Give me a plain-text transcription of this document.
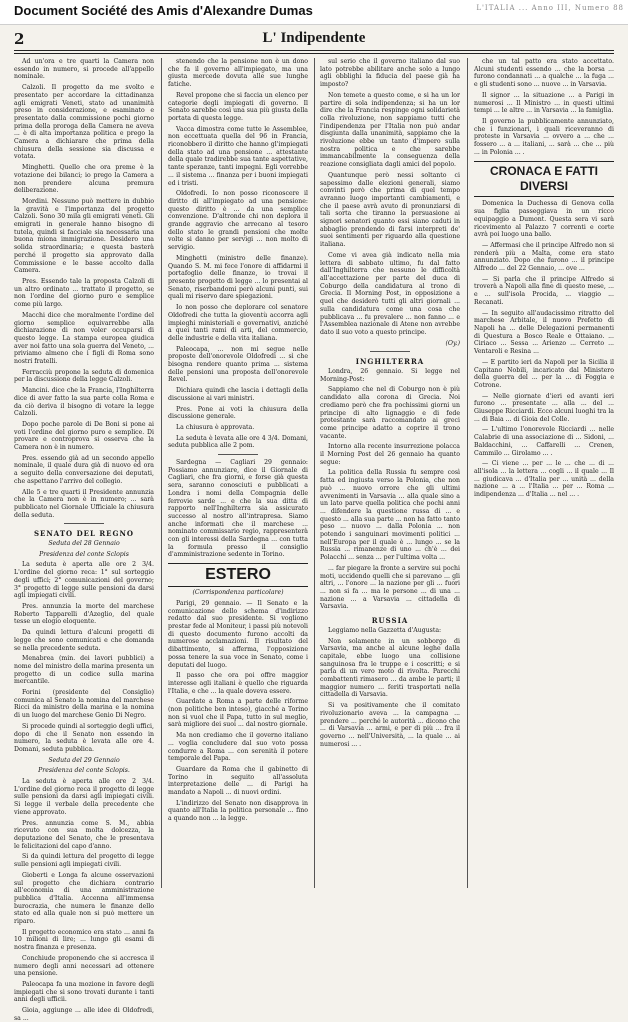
Document Société des Amis d'Alexandre Dumas	L'ITALIA ... Anno III, Numero 88
2	L' Indipendente

Ad un'ora e tre quarti la Camera non essendo in numero, si procede all'appello nominale.

Calzoli. Il progetto da me svolto e presentato per accordare la cittadinanza agli emigrati Veneti, stato ad unanimità preso in considerazione, e esaminato e presentato dalla commissione pochi giorno prima della proroga della Camera ne aveva ... è di alta importanza politica e prego la Camera a dichiarare che prima della chiusura della sessione sia discussa e votata.

Minghetti. Quello che ora preme è la votazione dei bilanci; io prego la Camera a non prendere alcuna premura deliberazione.

Mordini. Nessuno può mettere in dubbio la gravità e l'importanza del progetto Calzoli. Sono 30 mila gli emigrati veneti. Gli emigrati in generale hanno bisogno di tutela, quindi si facciale sia necessaria una buona miona immigrazione. Desidero una solida straordinaria; e questa basterà perché il progetto sia approvato dalla Commissione e le basse accolto dalla Camera.

Pres. Essendo tale la proposta Calzoli di un altro ordinato ... trattato il progetto, se non l'ordine del giorno puro e semplice come più largo.

Macchi dice che moralmente l'ordine del giorno semplice equivarrebbe alla dichiarazione di non voler occuparsi di questo legge. La stampa europea giudica aver noi fatto una sola guerra del Veneto, ... priviamo almeno che i figli di Roma sono nostri fratelli.

Ferracciù propone la seduta di domenica per la discussione della legge Calzoli.

Mancini. dice che la Francia, l'Inghilterra dice di aver fatto la sua parte colla Roma e da ciò deriva il bisogno di votare la legge Calzoli.

Dopo poche parole di De Boni si pone ai voti l'ordine del giorno puro e semplice. Di provare e controprova si osserva che la Camera non è in numero.

Pres. essendo già ad un secondo appello nominale, il quale dura già di nuovo ed ora a seguito della conversazione dei deputati, che aspettano l'arrivo del collegio.

Alle 5 e tre quarti il Presidente annunzia che la Camera non è in numero; ... sarà pubblicato nel Giornale Ufficiale la chiusura della seduta.

SENATO DEL REGNO
Seduta del 28 Gennaio
Presidenza del conte Sclopis

La seduta è aperta alle ore 2 3/4. L'ordine del giorno reca: 1° sul sorteggio degli uffici; 2° comunicazioni del governo; 3° progetto di legge sulle pensioni da darsi agli impiegati civili.

Pres. annunzia la morte del marchese Roberto Tapparelli d'Azeglio, del quale tesse un elogio eloquente.

Da quindi lettura d'alcuni progetti di legge che sono comunicati e che domanda se nella precedente seduta.

Menabrea (min. dei lavori pubblici) a nome del ministro della marina presenta un progetto di un codice sulla marina mercantile.

Forini (presidente del Consiglio) comunica al Senato la nomina del marchese Ricci da ministro della marina e la nomina di un luogo del marchese Genio Di Negro.

Si procede quindi al sorteggio degli uffici, dopo di che il Senato non essendo in numero, la seduta è levata alle ore 4. Domani, seduta pubblica.

Seduta del 29 Gennaio
Presidenza del conte Sclopis.

La seduta è aperta alle ore 2 3/4. L'ordine del giorno reca il progetto di legge sulle pensioni da darsi agli impiegati civili. Si legge il verbale della precedente che viene approvato.

Pres. annunzia come S. M., abbia ricevuto con sua molta dolcezza, la deputazione del Senato, che le presentava le felicitazioni del capo d'anno.

Si da quindi lettura del progetto di legge sulle pensioni agli impiegati civili.

Gioberti e Longa fa alcune osservazioni sul progetto che dichiara contrario all'economia di una amministrazione pubblica d'Italia. Accenna all'immensa burocrazia, che numera le finanze dello stato ed alla quale non si può mettere un riparo.

Il progetto economico era stato ... anni fa 10 milioni di lire; ... lungo gli esami di nostra finanza e presenza.

Conchiude proponendo che si accresca il numero degli anni necessari ad ottenere una pensione.

Paleocapa fa una mozione in favore degli impiegati che si sono trovati durante i tanti anni degli ufficii.

Gioia, aggiunge ... alle idee di Oldofredi, sa ...

stenendo che la pensione non è un dono che fa il governo all'impiegato, ma una giusta mercede dovuta alle sue lunghe fatiche.

Revel propone che si faccia un elenco per categorie degli impiegati di governo. Il Senato sarebbe così una sua più giusta della portata di questa legge.

Vacca dimostra come tutte le Assemblee, non eccettuata quella del 96 in Francia, riconobbero il diritto che hanno gl'impiegati della stato ad una pensione ... attestante della quale tradirebbe sua tante aspettative, tante speranze, tanti impegni. Egli vorrebbe ... il sistema ... finanza per i buoni impiegati ed i tristi.

Oldofredi. Io non posso riconoscere il diritto di all'impiegato ad una pensione: questo diritto è ... da una semplice convenzione. D'altronde chi non deplora il grande aggravio che arrecano al tesoro dello stato le grandi pensioni che molte volte si danno per servigi ... non molto di servigio.

Minghetti (ministro delle finanze). Quando S. M. mi fece l'onore di affidarmi il portafoglio delle finanze, io trovai il presente progetto di legge ... lo presentai al Senato, riserbandomi però alcuni punti, sui quali mi riservo dare spiegazioni.

Io non posso che deplorare col senatore Oldofredi che tutta la gioventù accorra agli impieghi ministeriali e governativi, anziché a quei tanti rami di arti, del commercio, delle industrie e della vita italiana.

Paleocapa, ... non mi segue nelle proposte dell'onorevole Oldofredi ... sì che bisogna rendere quanto prima ... sistema delle pensioni una proposta dell'onorevole Revel.

Dichiara quindi che lascia i dettagli della discussione ai vari ministri.

Pres. Pone ai voti la chiusura della discussione generale.

La chiusura è approvata.

La seduta è levata alle ore 4 3/4. Domani, seduta pubblica alle 2 pom.

Sardegna — Cagliari 29 gennaio: Possiamo annunziare, dice il Giornale di Cagliari, che fra giorni, e forse già questa sera, saranno conosciuti e pubblicati a Londra i nomi della Compagnia delle ferrovie sarde ... e che la sua ditta di rapporto nell'Inghilterra sia assicurato successo al nostro all'intrapresa. Siamo anche informati che il marchese ... nominato commissario regio, rappresenterà con gli interessi della Sardegna ... con tutta la formula presso il consiglio d'amministrazione sedente in Torino.

ESTERO
(Corrispondenza particolare)

Parigi, 29 gennaio. — Il Senato e la comunicazione dello schema d'indirizzo redatto dal suo presidente. Si vogliono prestar fede al Moniteur, i passi più notevoli di questo documento furono accolti da numerose acclamazioni. Il risultato del dibattimento, si afferma, l'opposizione possa tenere la sua voce in Senato, come i deputati del luogo.

Il passo che ora poi offre maggior interesse agli italiani è quello che riguarda l'Italia, e che ... la quale doveva essere.

Guardate a Roma a parte delle riforme (non politiche ben inteso), giacché a Torino non si vuol che il Papa, tutto in sul meglio, sarà migliore dei suoi ... dal nostro giornale.

Ma non crediamo che il governo italiano ... voglia concludere dal suo voto possa condurre a Roma ... con serenità il potere temporale del Papa.

Guardare da Roma che il gabinetto di Torino in seguito all'assoluta interpretazione delle ... di Parigi ha mandato a Napoli ... di nuovi ordini.

L'indirizzo del Senato non disapprova in quanto all'Italia la politica personale ... fino a quando non ... la legge.

sul serio che il governo italiano dal suo lato potrebbe abilitare anche solo a lungo agli obblighi la fiducia del paese già ha imposto?

Non temete a questo come, e si ha un lor partire di sola indipendenza; si ha un lor dire che la Francia respinge ogni solidarietà colla rivoluzione, non sappiamo tutti che l'indipendenza per l'Italia non può andar disgiunta dalla unanimità, sappiamo che la rivoluzione ebbe un tanto d'impero sulla nostra politica e che sarebbe immancabilmente la conseguenza della reazione consigliata dagli amici del popolo.

Quantunque però nessi soltanto ci sapessimo dalle elezioni generali, siamo convinti però che prima di quel tempo avranno luogo importanti cambiamenti, e che il paese avrà avuto di pronunziarsi di tali sorta che tiranno la persuasione ai signori senatori quanto essi siano caduti in abbaglio prendendo di farsi interpreti de' suoi sentimenti per riguardo alla questione italiana.

Come vi avea già indicato nella mia lettera di sabbato ultimo, fu dal fatto dall'Inghilterra che nessuno le difficoltà all'accettazione per parte del duca di Coburgo della candidatura al trono di Grecia. Il Morning Post, in opposizione a quel che desiderò tutti gli altri giornali ... sulla candidatura come una cosa che pubblicava ... fu prevalere ... non fanno ... e l'Assemblea nazionale di Atene non avrebbe dato il suo voto a questo principe.

(Oy.)
INGHILTERRA

Londra, 26 gennaio. Si legge nel Morning-Post:

Sappiamo che nel di Coburgo non è più candidato alla corona di Grecia. Noi crediamo però che fra pochissimi giorni un principe di alto lignaggio e di fede protestante sarà raccomandato ai greci come principe adatto a coprire il trono vacante.

Intorno alla recente insurrezione polacca il Morning Post del 26 gennaio ha quanto segue:

La politica della Russia fu sempre così fatta ed ingiusta verso la Polonia, che non può ... nuovo orrore che gli ultimi avvenimenti in Varsavia ... alla quale sino a un lato parve quella politica che pochi anni ... difendere la questione russa di ... e questo ... alla sua parte ... non ha fatto tanto peso ... nuovo ... dalla Polonia ... non potendo i sanguinari movimenti politici ... nell'Europa per il quale è ... lungo ... se la Russia ... rimanenze di uno ... ch'è ... dei Polacchi ... senza ... per l'ultima volta ...

... far piegare la fronte a servire sui pochi moti, uccidendo quelli che si parevano ... gli altri, ... l'onore ... la nazione per gli ... fuori ... non si fa ... ma le persone ... di una ... nazione ... a Varsavia ... cittadella di Varsavia.

RUSSIA

Leggiamo nella Gazzetta d'Augusta:

Non solamente in un sobborgo di Varsavia, ma anche al alcune leghe dalla capitale, ebbe luogo una collisione sanguinosa fra le truppe e i coscritti; e si parla di un vero moto di rivolta. Parecchi combattenti rimasero ... da ambe le parti; il maggior numero ... feriti trasportati nella cittadella di Varsavia.

Si va positivamente che il comitato rivoluzionario aveva ... la campagna ... prendere ... perché le autorità ... dicono che ... di Varsavia ... armi, e per di più ... fra il governo ... nell'Università, ... la quale ... ai numerosi ... .

che un tal patto era stato accettato. Alcuni studenti essendo ... che la borsa ... furono condannati ... a qualche ... la fuga ... e gli studenti sono ... nuove ... in Varsavia.

Il signor ... la situazione ... a Parigi in numerosi ... Il Ministro ... in questi ultimi tempi ... le altre ... in Varsavia ... la famiglia.

Il governo la pubblicamente annunziato, che i funzionari, i quali riceveranno di proteste in Varsavia ... ovvero a ... che ... fossero ... a ... italiani, ... sarà ... che ... più ... in Polonia ... .

CRONACA E FATTI DIVERSI

Domenica la Duchessa di Genova colla sua figlia passeggiava in un ricco equipaggio a Dumont. Questa sera vi sarà ricevimento al Palazzo 7 correnti e corte avrà poi luogo una ballo.

— Affermasi che il principe Alfredo non si renderà più a Malta, come era stato annunziato. Dopo che furono ... il principe Alfredo ... del 22 Gennaio, ... ove ...

— Si parla che il principe Alfredo si troverà a Napoli alla fine di questo mese, ... e ... sull'isola Procida, ... viaggio ... Recanati.

— In seguito all'audacissimo ritratto del marchese Arbitale, il nuovo Prefetto di Napoli ha ... delle Delegazioni permanenti di Questura a Bosco Reale e Ottaiano. ... Ciriaco ... Sessa ... Arienzo ... Cerreto ... Ventaroli e Resina ...

— E partito ieri da Napoli per la Sicilia il Capitano Nobili, incaricato dal Ministero della guerra del ... per la ... di Foggia e Cotrone.

— Nelle giornate d'ieri ed avanti ieri furono ... presentate ... alla ... del ... Giuseppe Ricciardi. Ecco alcuni luoghi tra la ... di Baia ... di Gioia del Colle.

— L'ultimo l'onorevole Ricciardi ... nelle Calabrie di una associazione di ... Sidoni, ... Baldacchini, ... Caffarelli ... Crenen, Cammilo ... Girolamo ... .

— Ci viene ... per ... le ... che ... di ... all'isola ... la lettera ... cogli ... il quale ... Il ... giudicava ... d'Italia per ... unità ... della nazione ... a ... l'Italia ... per ... Roma ... indipendenza ... d'Italia ... nel ... .
